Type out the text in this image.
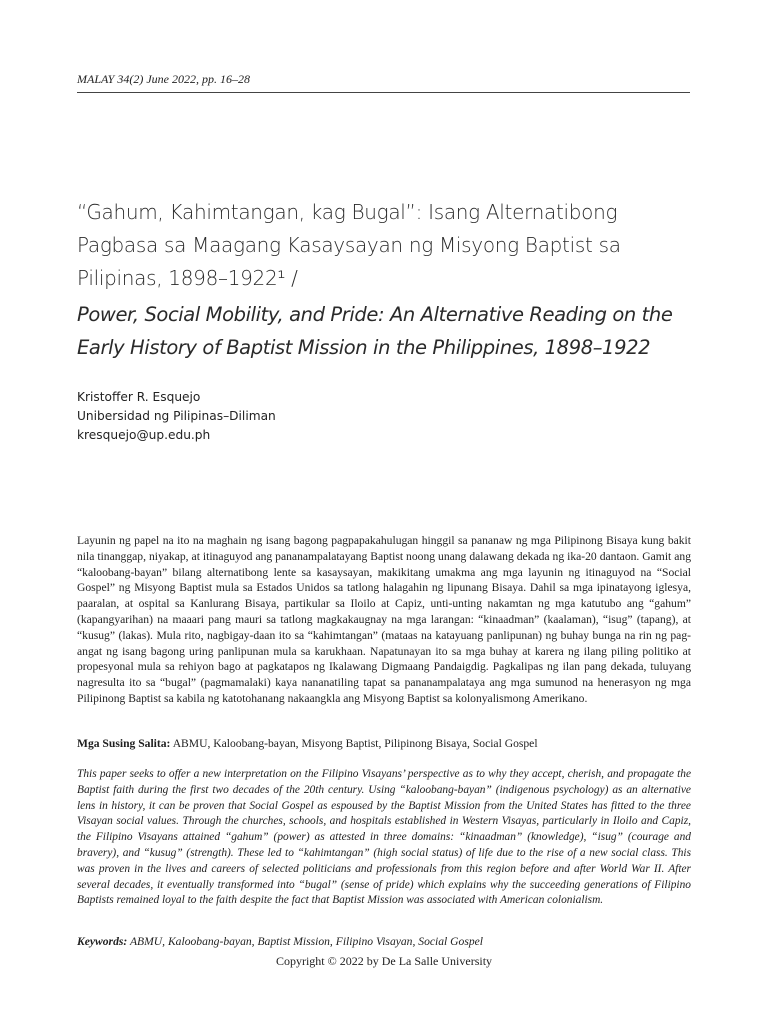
MALAY 34(2) June 2022, pp. 16–28
“Gahum, Kahimtangan, kag Bugal”: Isang Alternatibong Pagbasa sa Maagang Kasaysayan ng Misyong Baptist sa Pilipinas, 1898–1922¹ /
Power, Social Mobility, and Pride: An Alternative Reading on the Early History of Baptist Mission in the Philippines, 1898–1922
Kristoffer R. Esquejo
Unibersidad ng Pilipinas–Diliman
kresquejo@up.edu.ph
Layunin ng papel na ito na maghain ng isang bagong pagpapakahulugan hinggil sa pananaw ng mga Pilipinong Bisaya kung bakit nila tinanggap, niyakap, at itinaguyod ang pananampalatayang Baptist noong unang dalawang dekada ng ika-20 dantaon. Gamit ang “kaloobang-bayan” bilang alternatibong lente sa kasaysayan, makikitang umakma ang mga layunin ng itinaguyod na “Social Gospel” ng Misyong Baptist mula sa Estados Unidos sa tatlong halagahin ng lipunang Bisaya. Dahil sa mga ipinatayong iglesya, paaralan, at ospital sa Kanlurang Bisaya, partikular sa Iloilo at Capiz, unti-unting nakamtan ng mga katutubo ang “gahum” (kapangyarihan) na maaari pang mauri sa tatlong magkakaugnay na mga larangan: “kinaadman” (kaalaman), “isug” (tapang), at “kusug” (lakas). Mula rito, nagbigay-daan ito sa “kahimtangan” (mataas na katayuang panlipunan) ng buhay bunga na rin ng pag-angat ng isang bagong uring panlipunan mula sa karukhaan. Napatunayan ito sa mga buhay at karera ng ilang piling politiko at propesyonal mula sa rehiyon bago at pagkatapos ng Ikalawang Digmaang Pandaigdig. Pagkalipas ng ilan pang dekada, tuluyang nagresulta ito sa “bugal” (pagmamalaki) kaya nananatiling tapat sa pananampalataya ang mga sumunod na henerasyon ng mga Pilipinong Baptist sa kabila ng katotohanang nakaangkla ang Misyong Baptist sa kolonyalismong Amerikano.
Mga Susing Salita: ABMU, Kaloobang-bayan, Misyong Baptist, Pilipinong Bisaya, Social Gospel
This paper seeks to offer a new interpretation on the Filipino Visayans’ perspective as to why they accept, cherish, and propagate the Baptist faith during the first two decades of the 20th century. Using “kaloobang-bayan” (indigenous psychology) as an alternative lens in history, it can be proven that Social Gospel as espoused by the Baptist Mission from the United States has fitted to the three Visayan social values. Through the churches, schools, and hospitals established in Western Visayas, particularly in Iloilo and Capiz, the Filipino Visayans attained “gahum” (power) as attested in three domains: “kinaadman” (knowledge), “isug” (courage and bravery), and “kusug” (strength). These led to “kahimtangan” (high social status) of life due to the rise of a new social class. This was proven in the lives and careers of selected politicians and professionals from this region before and after World War II. After several decades, it eventually transformed into “bugal” (sense of pride) which explains why the succeeding generations of Filipino Baptists remained loyal to the faith despite the fact that Baptist Mission was associated with American colonialism.
Keywords: ABMU, Kaloobang-bayan, Baptist Mission, Filipino Visayan, Social Gospel
Copyright © 2022 by De La Salle University
